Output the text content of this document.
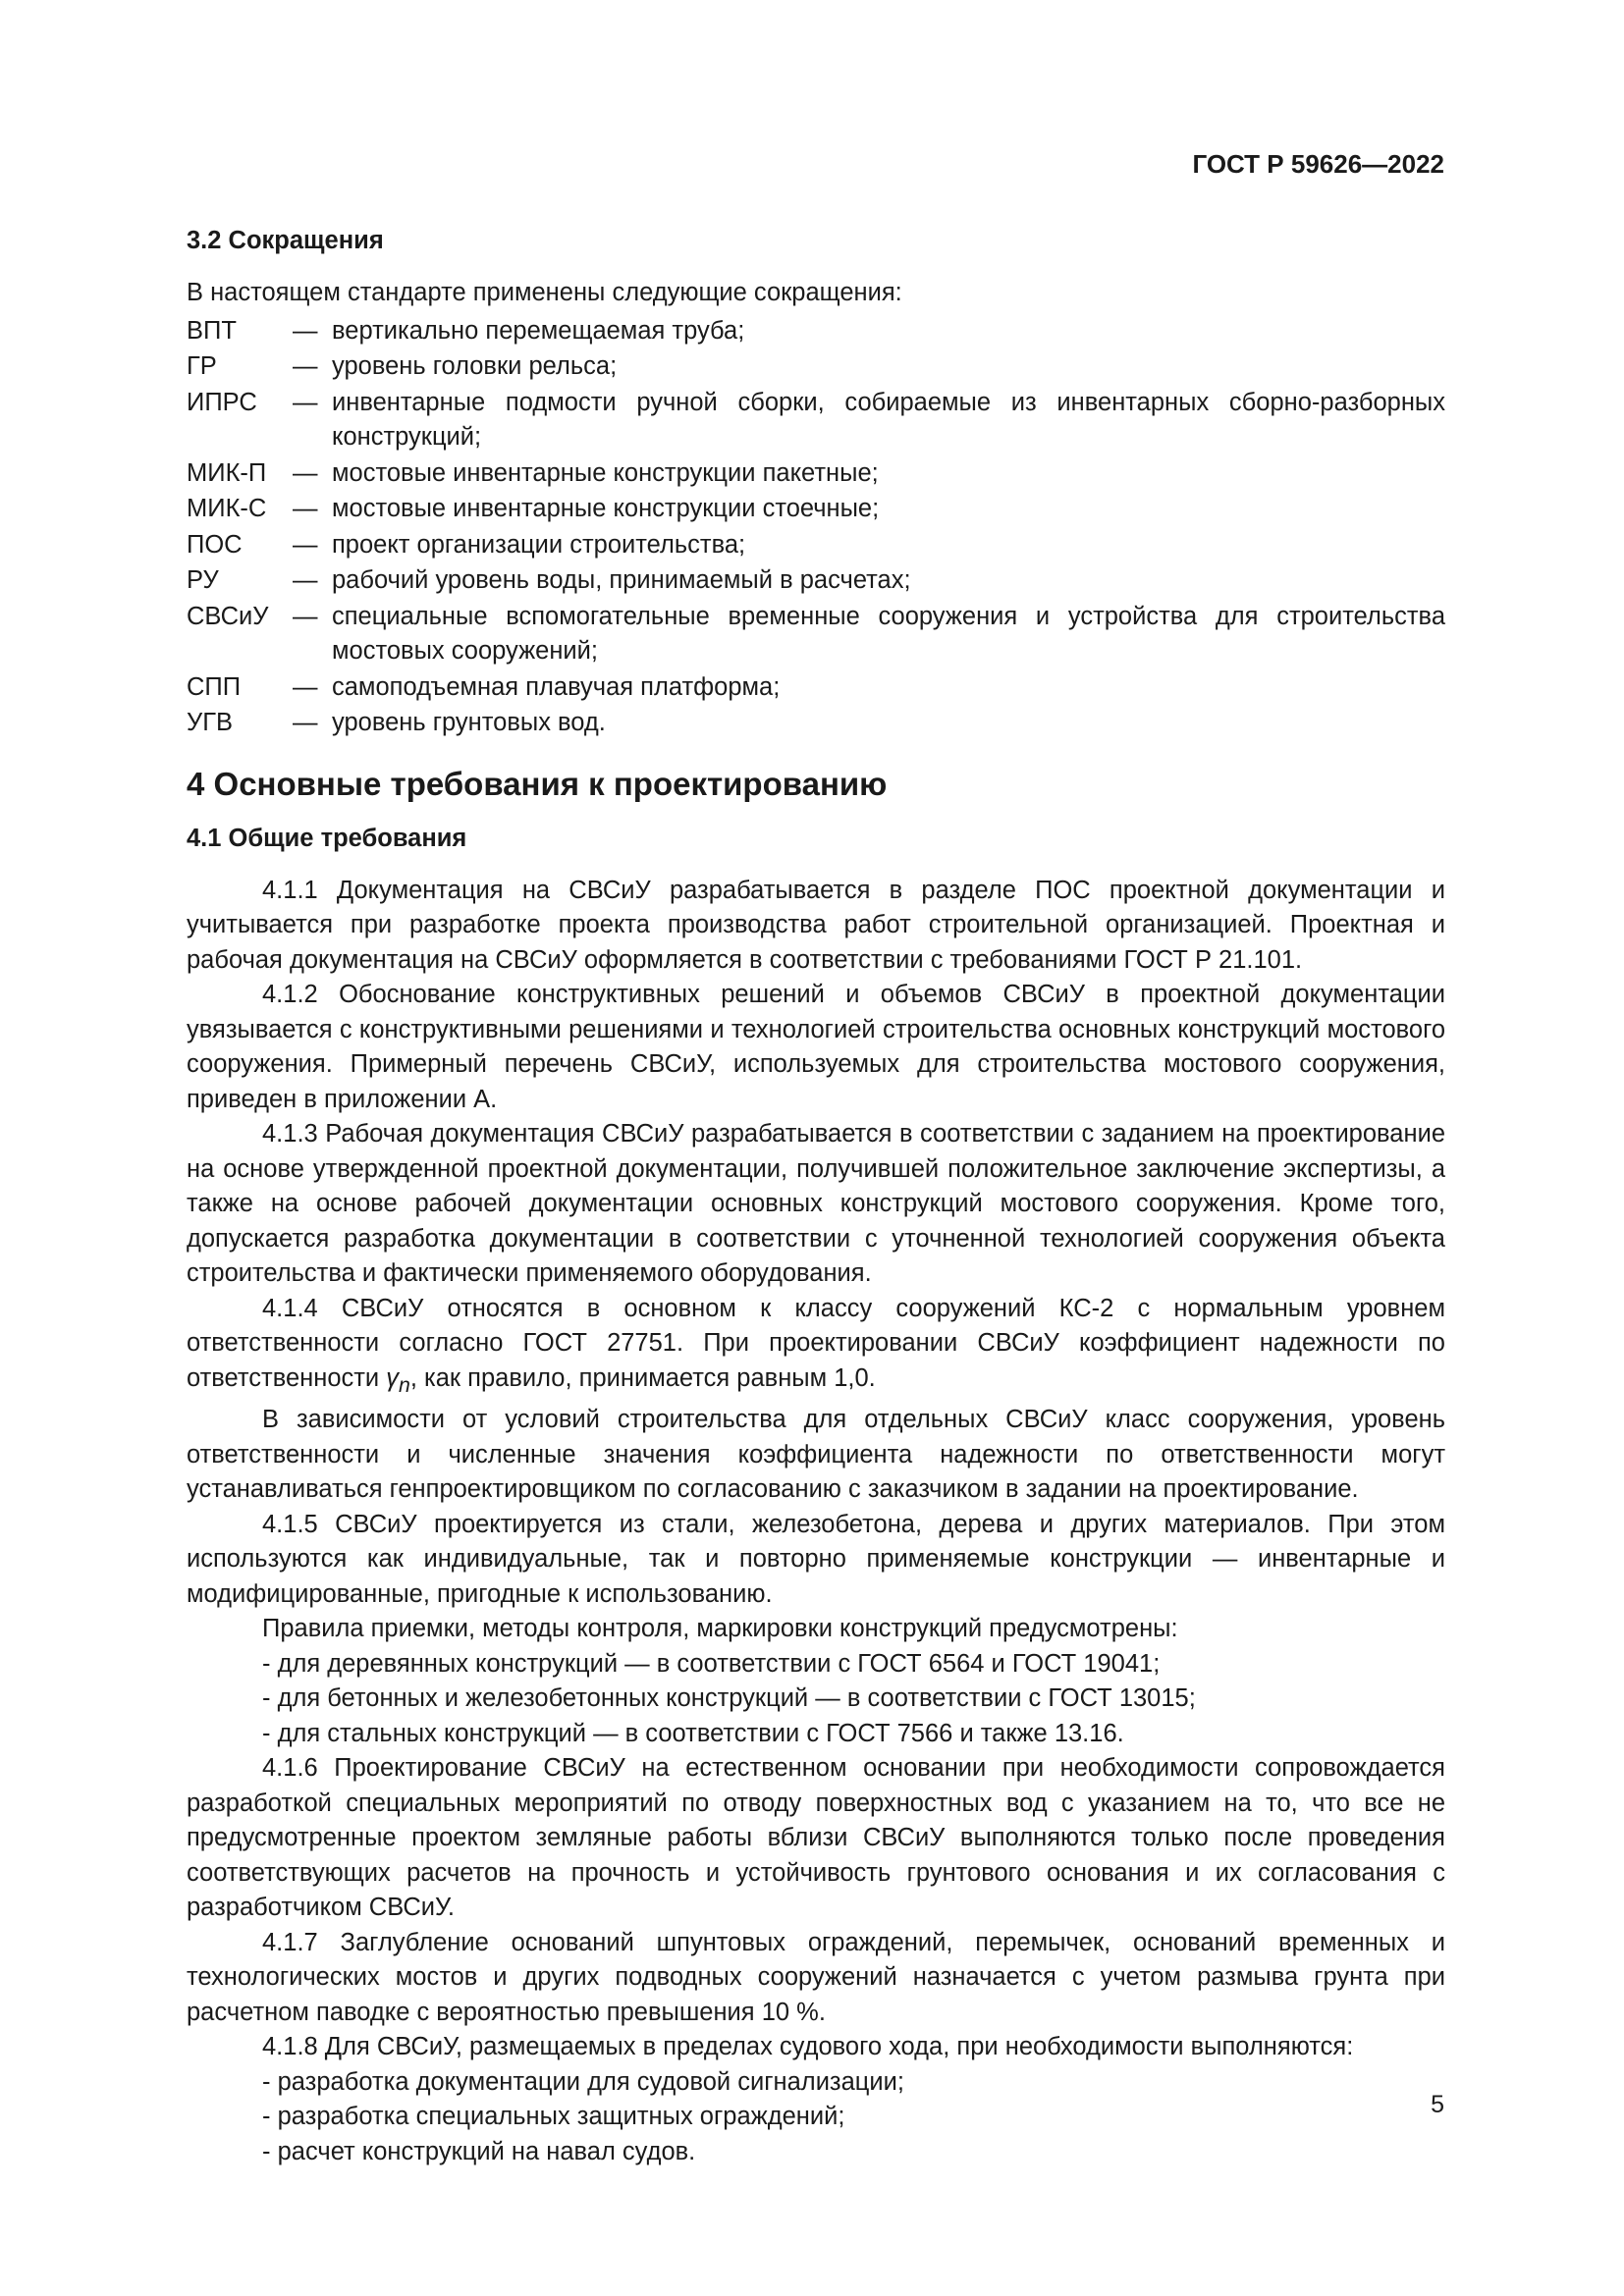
ГОСТ Р 59626—2022
3.2 Сокращения

В настоящем стандарте применены следующие сокращения:

ВПТ	— вертикально перемещаемая труба;
ГР	— уровень головки рельса;
ИПРС	— инвентарные подмости ручной сборки, собираемые из инвентарных сборно-разборных конструкций;
МИК-П	— мостовые инвентарные конструкции пакетные;
МИК-С	— мостовые инвентарные конструкции стоечные;
ПОС	— проект организации строительства;
РУ	— рабочий уровень воды, принимаемый в расчетах;
СВСиУ — специальные вспомогательные временные сооружения и устройства для строительства мостовых сооружений;
СПП	— самоподъемная плавучая платформа;
УГВ	— уровень грунтовых вод.
4 Основные требования к проектированию
4.1 Общие требования

4.1.1 Документация на СВСиУ разрабатывается в разделе ПОС проектной документации и учитывается при разработке проекта производства работ строительной организацией. Проектная и рабочая документация на СВСиУ оформляется в соответствии с требованиями ГОСТ Р 21.101.

4.1.2 Обоснование конструктивных решений и объемов СВСиУ в проектной документации увязывается с конструктивными решениями и технологией строительства основных конструкций мостового сооружения. Примерный перечень СВСиУ, используемых для строительства мостового сооружения, приведен в приложении А.

4.1.3 Рабочая документация СВСиУ разрабатывается в соответствии с заданием на проектирование на основе утвержденной проектной документации, получившей положительное заключение экспертизы, а также на основе рабочей документации основных конструкций мостового сооружения. Кроме того, допускается разработка документации в соответствии с уточненной технологией сооружения объекта строительства и фактически применяемого оборудования.

4.1.4 СВСиУ относятся в основном к классу сооружений КС-2 с нормальным уровнем ответственности согласно ГОСТ 27751. При проектировании СВСиУ коэффициент надежности по ответственности $\gamma_n$, как правило, принимается равным 1,0.

В зависимости от условий строительства для отдельных СВСиУ класс сооружения, уровень ответственности и численные значения коэффициента надежности по ответственности могут устанавливаться генпроектировщиком по согласованию с заказчиком в задании на проектирование.

4.1.5 СВСиУ проектируется из стали, железобетона, дерева и других материалов. При этом используются как индивидуальные, так и повторно применяемые конструкции — инвентарные и модифицированные, пригодные к использованию.

Правила приемки, методы контроля, маркировки конструкций предусмотрены:

- для деревянных конструкций — в соответствии с ГОСТ 6564 и ГОСТ 19041;

- для бетонных и железобетонных конструкций — в соответствии с ГОСТ 13015;

- для стальных конструкций — в соответствии с ГОСТ 7566 и также 13.16.

4.1.6 Проектирование СВСиУ на естественном основании при необходимости сопровождается разработкой специальных мероприятий по отводу поверхностных вод с указанием на то, что все не предусмотренные проектом земляные работы вблизи СВСиУ выполняются только после проведения соответствующих расчетов на прочность и устойчивость грунтового основания и их согласования с разработчиком СВСиУ.

4.1.7 Заглубление оснований шпунтовых ограждений, перемычек, оснований временных и технологических мостов и других подводных сооружений назначается с учетом размыва грунта при расчетном паводке с вероятностью превышения 10 %.

4.1.8 Для СВСиУ, размещаемых в пределах судового хода, при необходимости выполняются:

- разработка документации для судовой сигнализации;

- разработка специальных защитных ограждений;

- расчет конструкций на навал судов.

5
